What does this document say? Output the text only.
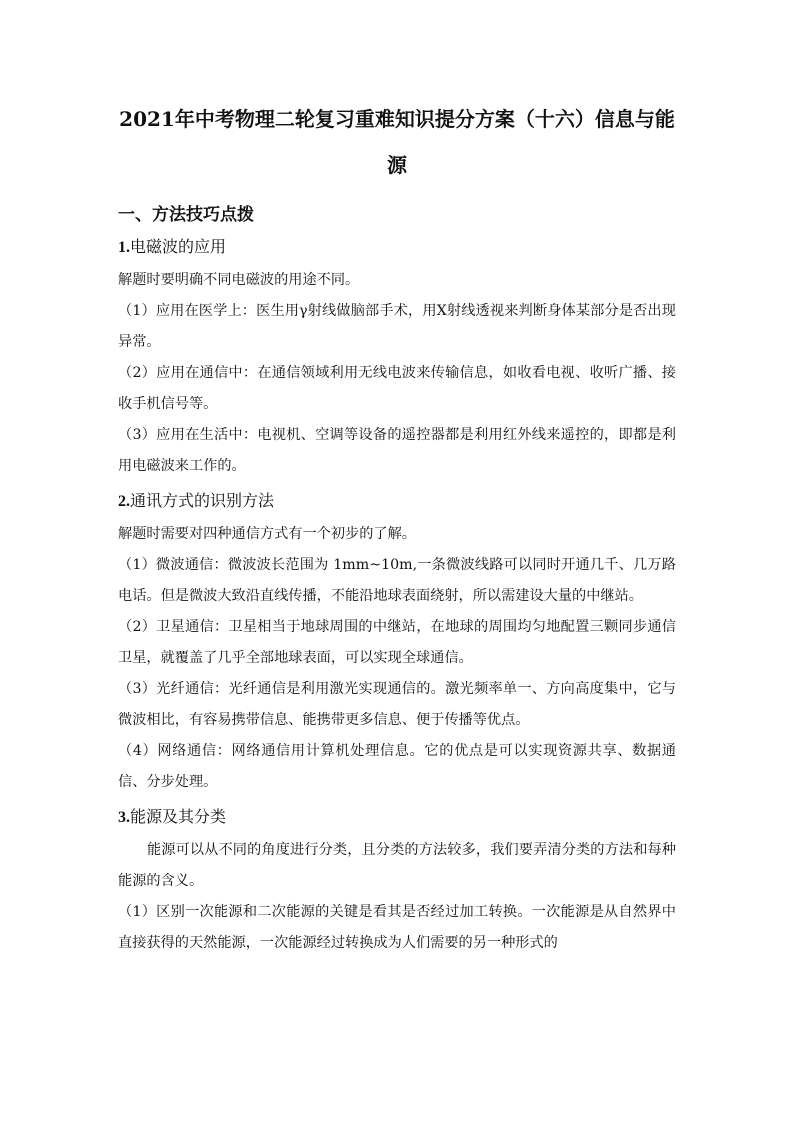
2021年中考物理二轮复习重难知识提分方案（十六）信息与能源
一、方法技巧点拨
1.电磁波的应用

解题时要明确不同电磁波的用途不同。

（1）应用在医学上：医生用γ射线做脑部手术，用X射线透视来判断身体某部分是否出现异常。

（2）应用在通信中：在通信领域利用无线电波来传输信息，如收看电视、收听广播、接收手机信号等。

（3）应用在生活中：电视机、空调等设备的遥控器都是利用红外线来遥控的，即都是利用电磁波来工作的。

2.通讯方式的识别方法

解题时需要对四种通信方式有一个初步的了解。

（1）微波通信：微波波长范围为 1mm~10m,一条微波线路可以同时开通几千、几万路电话。但是微波大致沿直线传播，不能沿地球表面绕射，所以需建设大量的中继站。

（2）卫星通信：卫星相当于地球周围的中继站，在地球的周围均匀地配置三颗同步通信卫星，就覆盖了几乎全部地球表面，可以实现全球通信。

（3）光纤通信：光纤通信是利用激光实现通信的。激光频率单一、方向高度集中，它与微波相比，有容易携带信息、能携带更多信息、便于传播等优点。

（4）网络通信：网络通信用计算机处理信息。它的优点是可以实现资源共享、数据通信、分步处理。

3.能源及其分类

能源可以从不同的角度进行分类，且分类的方法较多，我们要弄清分类的方法和每种能源的含义。

（1）区别一次能源和二次能源的关键是看其是否经过加工转换。一次能源是从自然界中直接获得的天然能源，一次能源经过转换成为人们需要的另一种形式的
